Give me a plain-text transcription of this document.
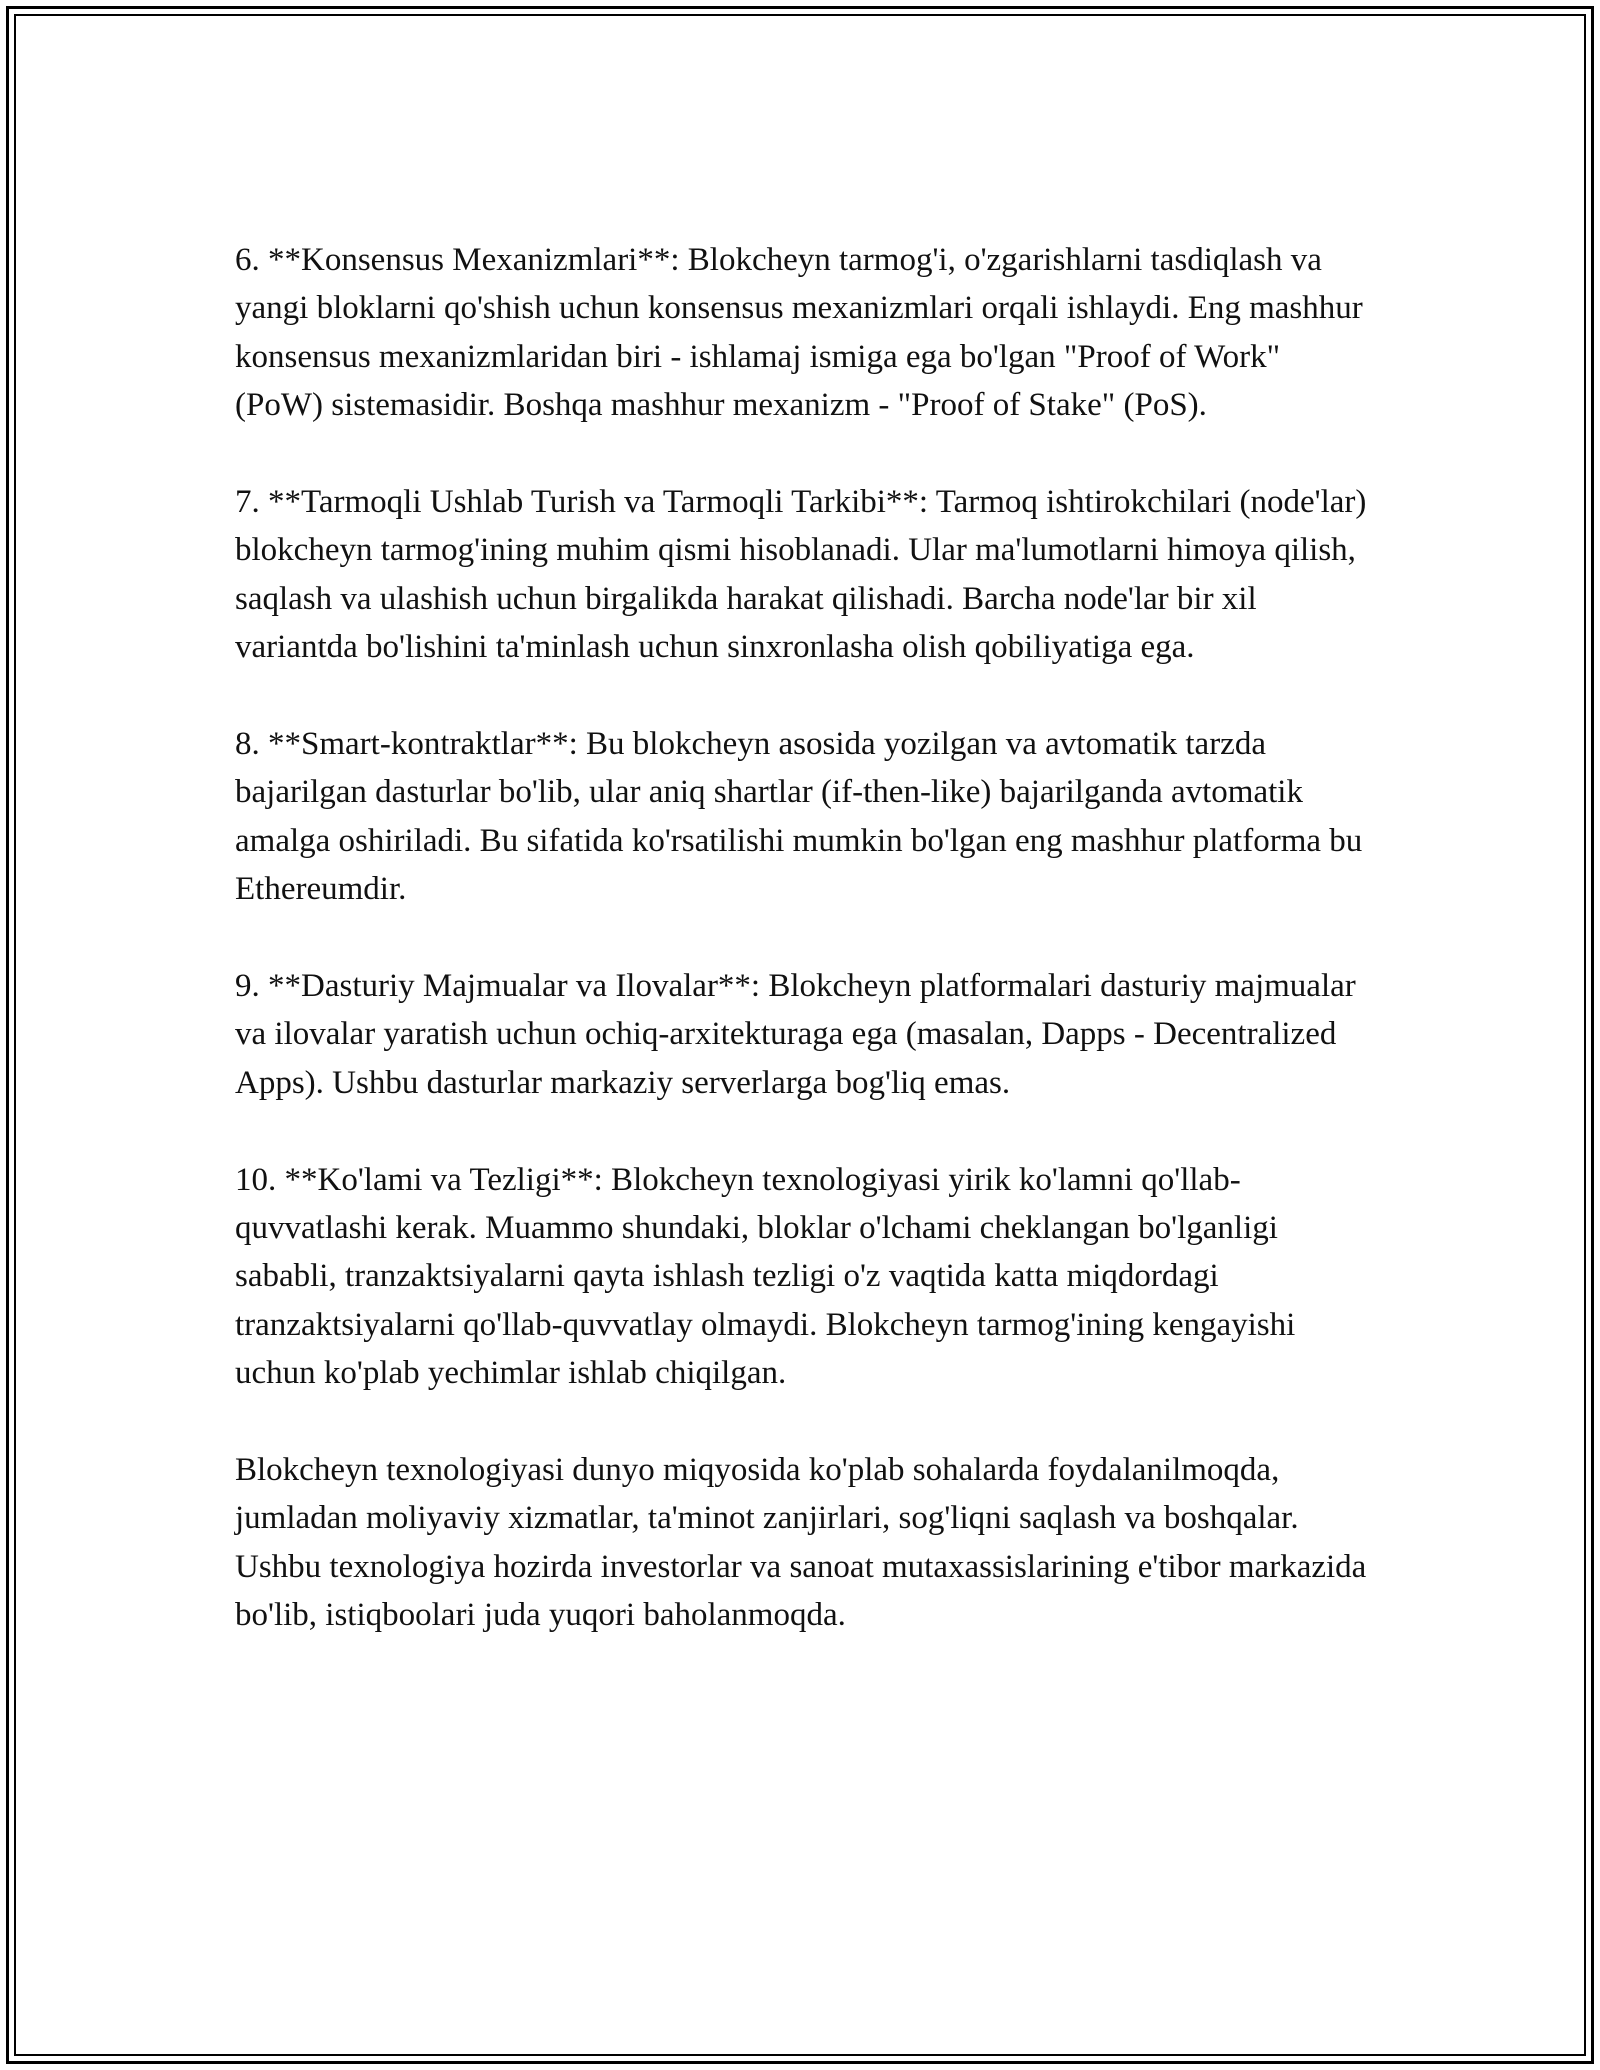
6. **Konsensus Mexanizmlari**: Blokcheyn tarmog'i, o'zgarishlarni tasdiqlash va yangi bloklarni qo'shish uchun konsensus mexanizmlari orqali ishlaydi. Eng mashhur konsensus mexanizmlaridan biri - ishlamaj ismiga ega bo'lgan "Proof of Work" (PoW) sistemasidir. Boshqa mashhur mexanizm - "Proof of Stake" (PoS).

7. **Tarmoqli Ushlab Turish va Tarmoqli Tarkibi**: Tarmoq ishtirokchilari (node'lar) blokcheyn tarmog'ining muhim qismi hisoblanadi. Ular ma'lumotlarni himoya qilish, saqlash va ulashish uchun birgalikda harakat qilishadi. Barcha node'lar bir xil variantda bo'lishini ta'minlash uchun sinxronlasha olish qobiliyatiga ega.

8. **Smart-kontraktlar**: Bu blokcheyn asosida yozilgan va avtomatik tarzda bajarilgan dasturlar bo'lib, ular aniq shartlar (if-then-like) bajarilganda avtomatik amalga oshiriladi. Bu sifatida ko'rsatilishi mumkin bo'lgan eng mashhur platforma bu Ethereumdir.

9. **Dasturiy Majmualar va Ilovalar**: Blokcheyn platformalari dasturiy majmualar va ilovalar yaratish uchun ochiq-arxitekturaga ega (masalan, Dapps - Decentralized Apps). Ushbu dasturlar markaziy serverlarga bog'liq emas.

10. **Ko'lami va Tezligi**: Blokcheyn texnologiyasi yirik ko'lamni qo'llab-quvvatlashi kerak. Muammo shundaki, bloklar o'lchami cheklangan bo'lganligi sababli, tranzaktsiyalarni qayta ishlash tezligi o'z vaqtida katta miqdordagi tranzaktsiyalarni qo'llab-quvvatlay olmaydi. Blokcheyn tarmog'ining kengayishi uchun ko'plab yechimlar ishlab chiqilgan.

Blokcheyn texnologiyasi dunyo miqyosida ko'plab sohalarda foydalanilmoqda, jumladan moliyaviy xizmatlar, ta'minot zanjirlari, sog'liqni saqlash va boshqalar. Ushbu texnologiya hozirda investorlar va sanoat mutaxassislarining e'tibor markazida bo'lib, istiqboolari juda yuqori baholanmoqda.
